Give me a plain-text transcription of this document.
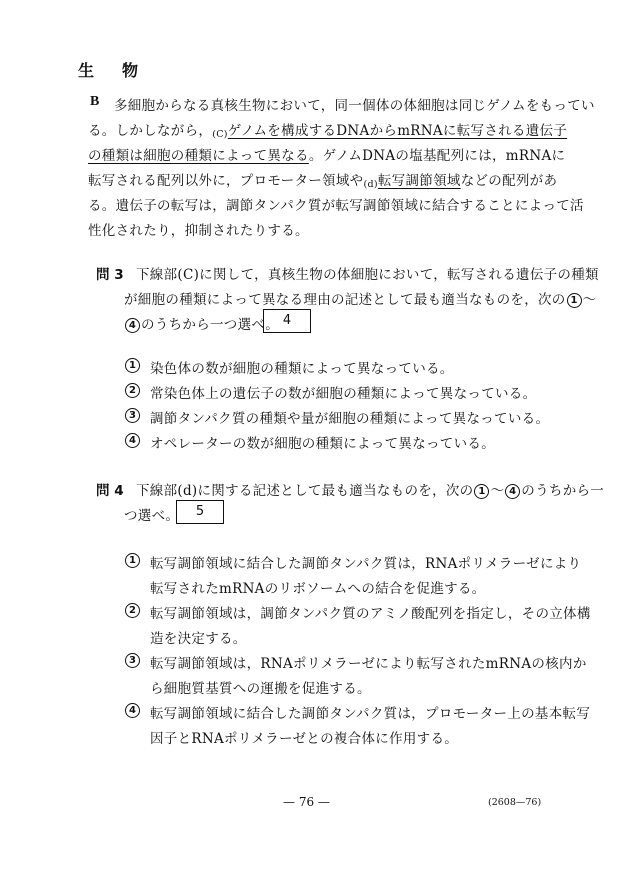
生　物
B 多細胞からなる真核生物において，同一個体の体細胞は同じゲノムをもってい
る。しかしながら，(C)ゲノムを構成するDNAからmRNAに転写される遺伝子
の種類は細胞の種類によって異なる。ゲノムDNAの塩基配列には，mRNAに
転写される配列以外に，プロモーター領域や(d)転写調節領域などの配列があ
る。遺伝子の転写は，調節タンパク質が転写調節領域に結合することによって活
性化されたり，抑制されたりする。
問 3 下線部(C)に関して，真核生物の体細胞において，転写される遺伝子の種類
が細胞の種類によって異なる理由の記述として最も適当なものを，次の 1 ～
4 のうちから一つ選べ。 4
1 染色体の数が細胞の種類によって異なっている。
2 常染色体上の遺伝子の数が細胞の種類によって異なっている。
3 調節タンパク質の種類や量が細胞の種類によって異なっている。
4 オペレーターの数が細胞の種類によって異なっている。
問 4 下線部(d)に関する記述として最も適当なものを，次の 1 ～ 4 のうちから一
つ選べ。	5
1 転写調節領域に結合した調節タンパク質は，RNAポリメラーゼにより
転写されたmRNAのリボソームへの結合を促進する。
2 転写調節領域は，調節タンパク質のアミノ酸配列を指定し，その立体構
造を決定する。
3 転写調節領域は，RNAポリメラーゼにより転写されたmRNAの核内か
ら細胞質基質への運搬を促進する。
4 転写調節領域に結合した調節タンパク質は，プロモーター上の基本転写
因子とRNAポリメラーゼとの複合体に作用する。
— 76 —	(2608—76)
